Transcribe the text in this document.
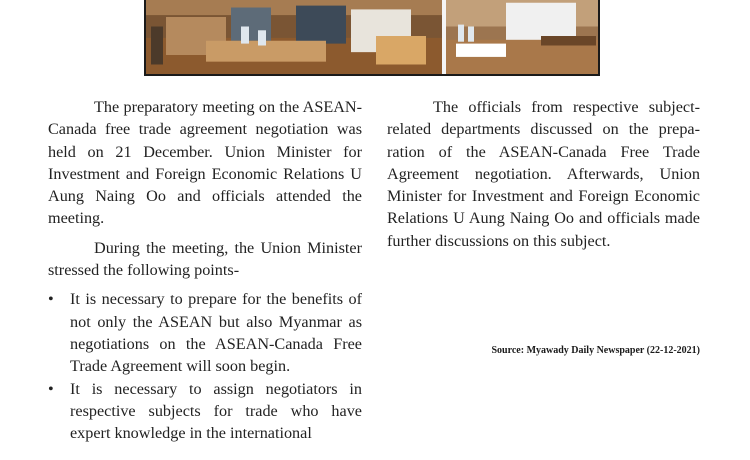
The preparatory meeting on the ASEAN-Canada free trade agreement negotiation was held on 21 December. Union Minister for Investment and Foreign Economic Relations U Aung Naing Oo and officials attended the meeting.

During the meeting, the Union Minister stressed the following points-

• It is necessary to prepare for the benefits of not only the ASEAN but also Myanmar as negotiations on the ASEAN-Canada Free Trade Agreement will soon begin.
• It is necessary to assign negotiators in respective subjects for trade who have expert knowledge in the international

The officials from respective subject-related departments discussed on the preparation of the ASEAN-Canada Free Trade Agreement negotiation. Afterwards, Union Minister for Investment and Foreign Economic Relations U Aung Naing Oo and officials made further discussions on this subject.

Source: Myawady Daily Newspaper (22-12-2021)
